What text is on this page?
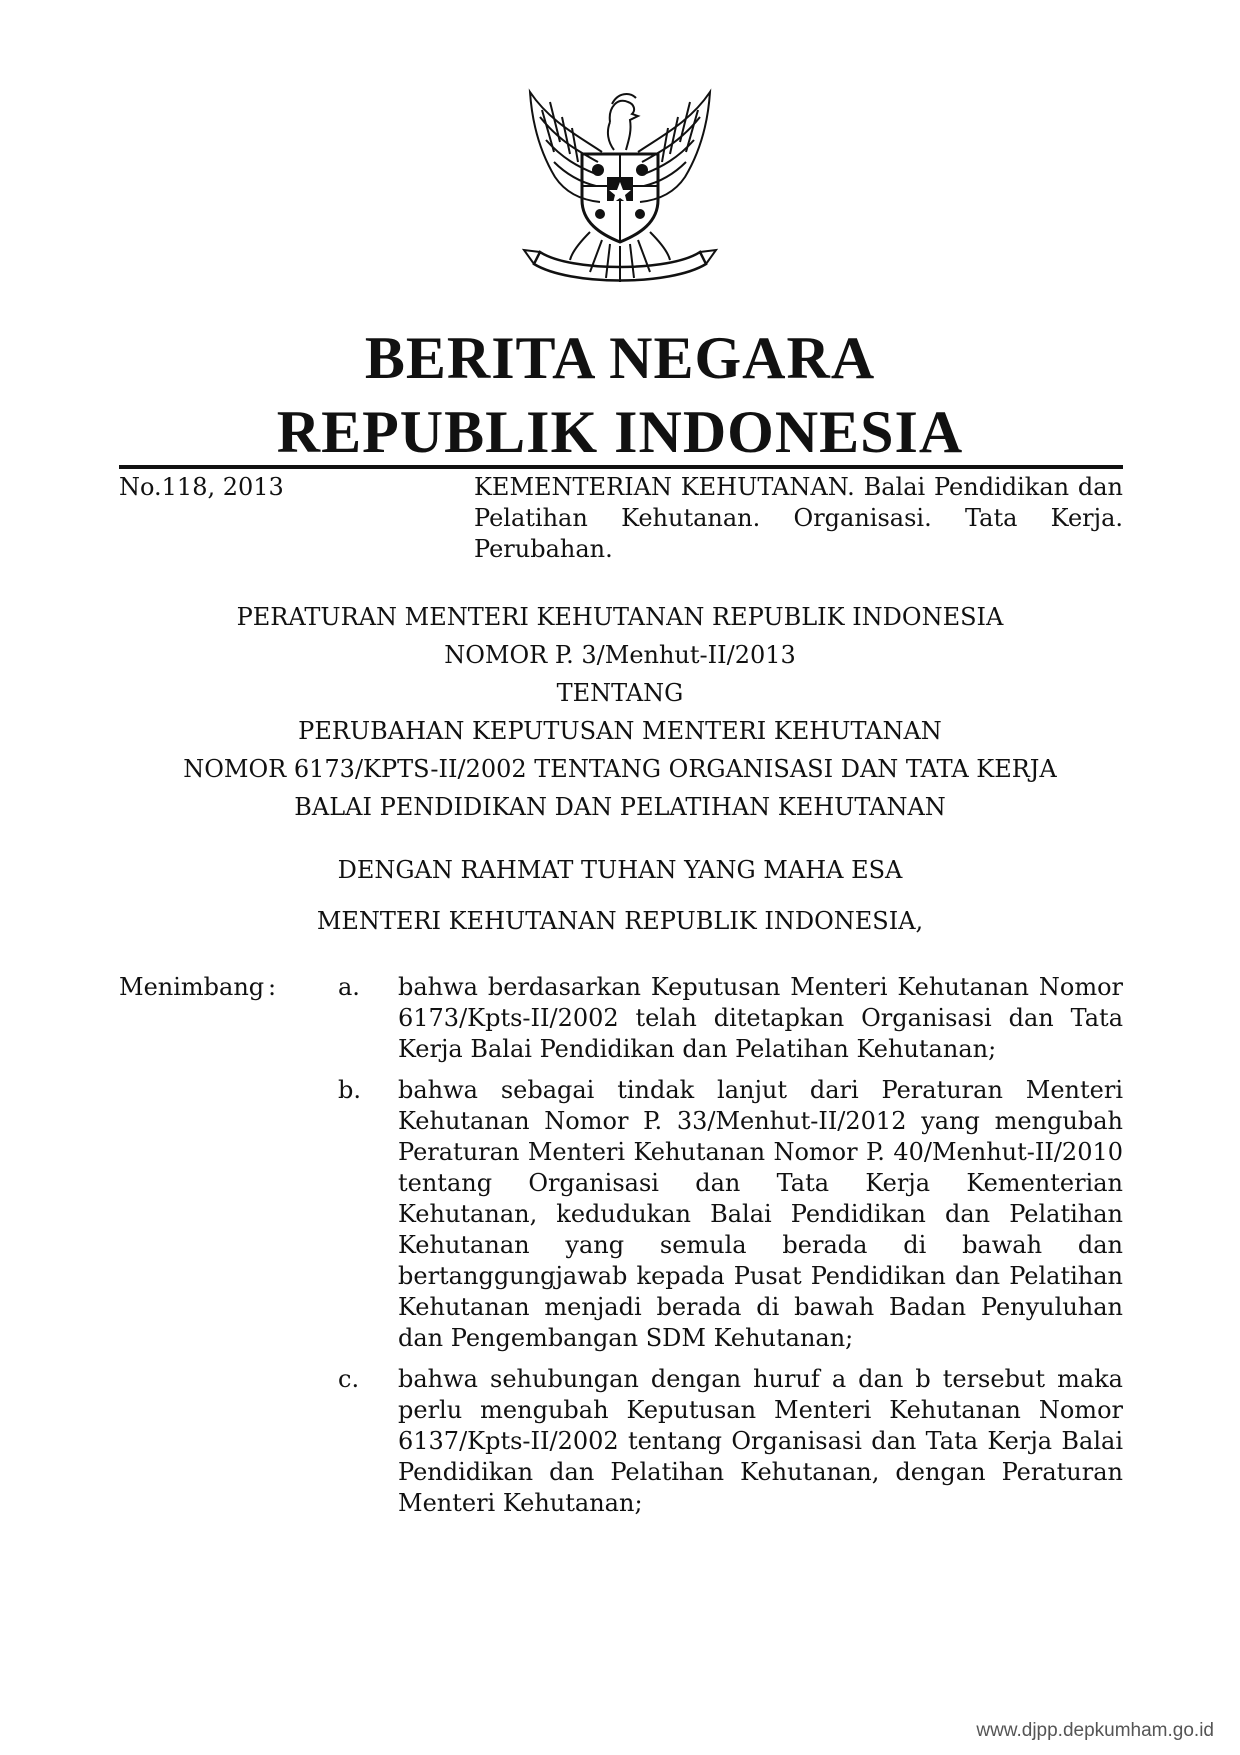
BERITA NEGARA
REPUBLIK INDONESIA
No.118, 2013	KEMENTERIAN KEHUTANAN. Balai Pendidikan dan Pelatihan Kehutanan. Organisasi. Tata Kerja. Perubahan.
PERATURAN MENTERI KEHUTANAN REPUBLIK INDONESIA
NOMOR P. 3/Menhut-II/2013
TENTANG
PERUBAHAN KEPUTUSAN MENTERI KEHUTANAN
NOMOR 6173/KPTS-II/2002 TENTANG ORGANISASI DAN TATA KERJA
BALAI PENDIDIKAN DAN PELATIHAN KEHUTANAN
DENGAN RAHMAT TUHAN YANG MAHA ESA
MENTERI KEHUTANAN REPUBLIK INDONESIA,
Menimbang :	a.	bahwa berdasarkan Keputusan Menteri Kehutanan Nomor 6173/Kpts-II/2002 telah ditetapkan Organisasi dan Tata Kerja Balai Pendidikan dan Pelatihan Kehutanan;
b.	bahwa sebagai tindak lanjut dari Peraturan Menteri Kehutanan Nomor P. 33/Menhut-II/2012 yang mengubah Peraturan Menteri Kehutanan Nomor P. 40/Menhut-II/2010 tentang Organisasi dan Tata Kerja Kementerian Kehutanan, kedudukan Balai Pendidikan dan Pelatihan Kehutanan yang semula berada di bawah dan bertanggungjawab kepada Pusat Pendidikan dan Pelatihan Kehutanan menjadi berada di bawah Badan Penyuluhan dan Pengembangan SDM Kehutanan;
c.	bahwa sehubungan dengan huruf a dan b tersebut maka perlu mengubah Keputusan Menteri Kehutanan Nomor 6137/Kpts-II/2002 tentang Organisasi dan Tata Kerja Balai Pendidikan dan Pelatihan Kehutanan, dengan Peraturan Menteri Kehutanan;
www.djpp.depkumham.go.id
